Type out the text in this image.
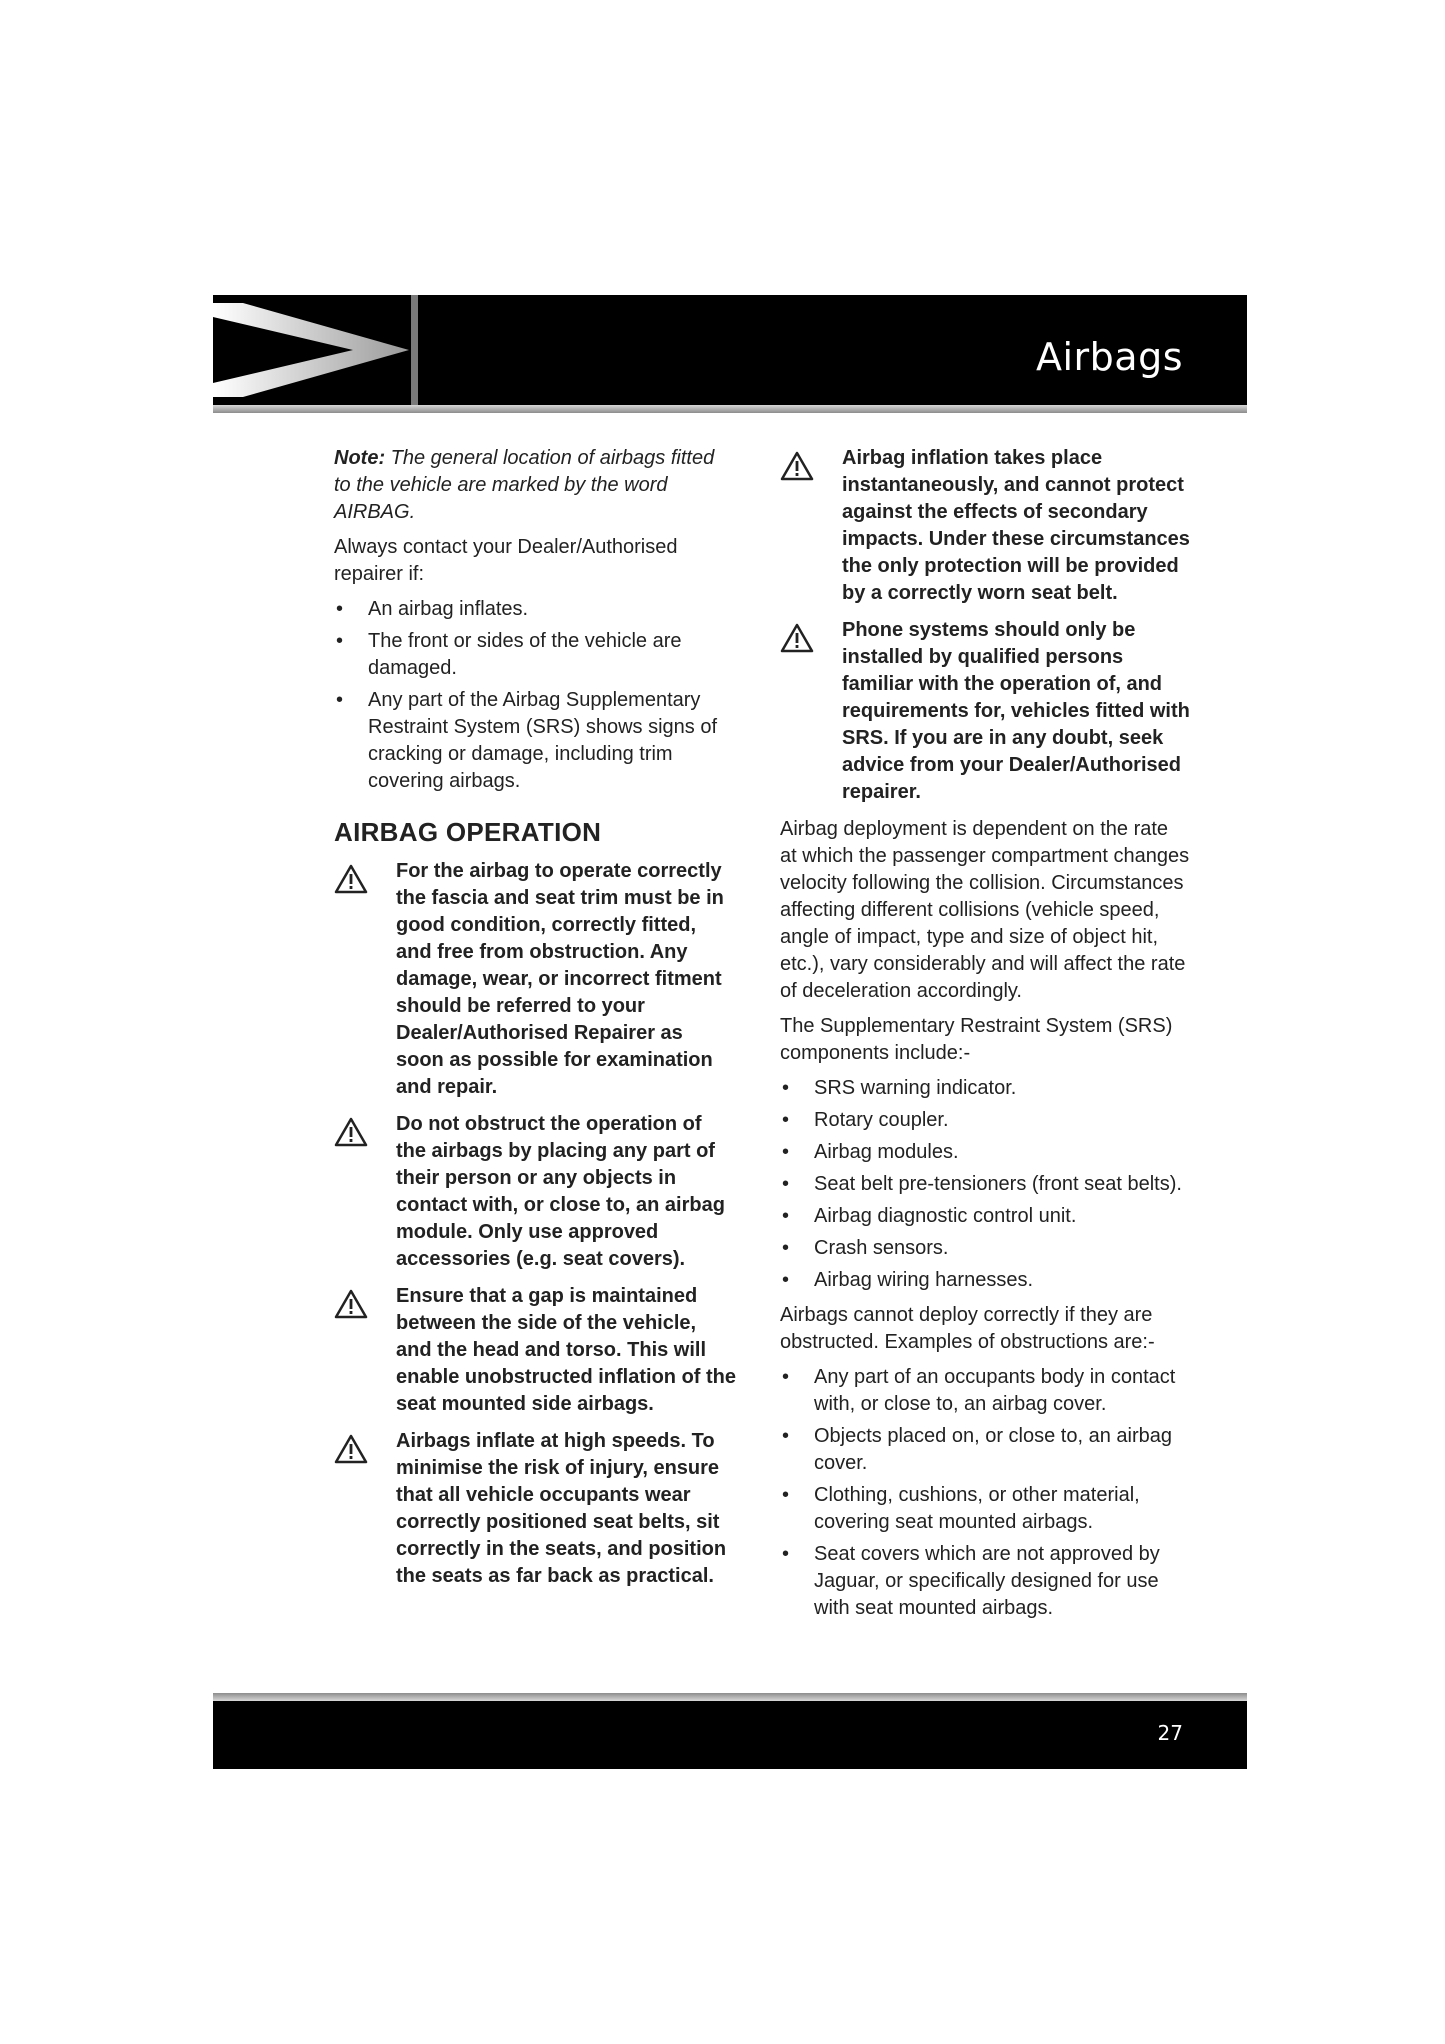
Airbags

Note: The general location of airbags fitted to the vehicle are marked by the word AIRBAG.

Always contact your Dealer/Authorised repairer if:

• An airbag inflates.
• The front or sides of the vehicle are damaged.
• Any part of the Airbag Supplementary Restraint System (SRS) shows signs of cracking or damage, including trim covering airbags.
AIRBAG OPERATION
For the airbag to operate correctly the fascia and seat trim must be in good condition, correctly fitted, and free from obstruction. Any damage, wear, or incorrect fitment should be referred to your Dealer/Authorised Repairer as soon as possible for examination and repair.
Do not obstruct the operation of the airbags by placing any part of their person or any objects in contact with, or close to, an airbag module. Only use approved accessories (e.g. seat covers).
Ensure that a gap is maintained between the side of the vehicle, and the head and torso. This will enable unobstructed inflation of the seat mounted side airbags.
Airbags inflate at high speeds. To minimise the risk of injury, ensure that all vehicle occupants wear correctly positioned seat belts, sit correctly in the seats, and position the seats as far back as practical.
Airbag inflation takes place instantaneously, and cannot protect against the effects of secondary impacts. Under these circumstances the only protection will be provided by a correctly worn seat belt.
Phone systems should only be installed by qualified persons familiar with the operation of, and requirements for, vehicles fitted with SRS. If you are in any doubt, seek advice from your Dealer/Authorised repairer.

Airbag deployment is dependent on the rate at which the passenger compartment changes velocity following the collision. Circumstances affecting different collisions (vehicle speed, angle of impact, type and size of object hit, etc.), vary considerably and will affect the rate of deceleration accordingly.

The Supplementary Restraint System (SRS) components include:-

• SRS warning indicator.
• Rotary coupler.
• Airbag modules.
• Seat belt pre-tensioners (front seat belts).
• Airbag diagnostic control unit.
• Crash sensors.
• Airbag wiring harnesses.

Airbags cannot deploy correctly if they are obstructed. Examples of obstructions are:-

• Any part of an occupants body in contact with, or close to, an airbag cover.
• Objects placed on, or close to, an airbag cover.
• Clothing, cushions, or other material, covering seat mounted airbags.
• Seat covers which are not approved by Jaguar, or specifically designed for use with seat mounted airbags.
27
